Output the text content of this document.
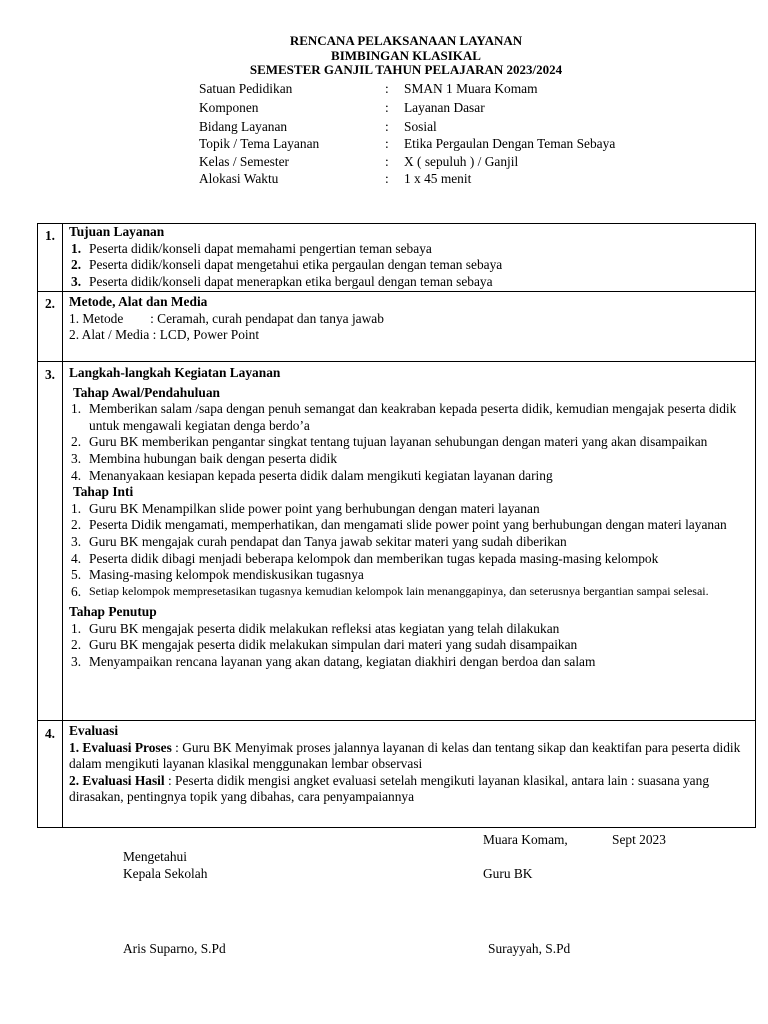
RENCANA PELAKSANAAN LAYANAN
BIMBINGAN KLASIKAL
SEMESTER GANJIL TAHUN PELAJARAN 2023/2024
Satuan Pedidikan	: SMAN 1 Muara Komam
Komponen	: Layanan Dasar
Bidang Layanan	: Sosial
Topik / Tema Layanan	: Etika Pergaulan Dengan Teman Sebaya
Kelas / Semester	: X ( sepuluh ) / Ganjil
Alokasi Waktu	: 1 x 45 menit
1.	Tujuan Layanan
1. Peserta didik/konseli dapat memahami pengertian teman sebaya
2. Peserta didik/konseli dapat mengetahui etika pergaulan dengan teman sebaya
3. Peserta didik/konseli dapat menerapkan etika bergaul dengan teman sebaya
2.	Metode, Alat dan Media
1. Metode        : Ceramah, curah pendapat dan tanya jawab
2. Alat / Media : LCD, Power Point
3.	Langkah-langkah Kegiatan Layanan
Tahap Awal/Pendahuluan
1. Memberikan salam /sapa dengan penuh semangat dan keakraban kepada peserta didik, kemudian mengajak peserta didik untuk mengawali kegiatan denga berdo’a
2. Guru BK memberikan pengantar singkat tentang tujuan layanan sehubungan dengan materi yang akan disampaikan
3. Membina hubungan baik dengan peserta didik
4. Menanyakaan kesiapan kepada peserta didik dalam mengikuti kegiatan layanan daring
Tahap Inti
1. Guru BK Menampilkan slide power point yang berhubungan dengan materi layanan
2. Peserta Didik mengamati, memperhatikan, dan mengamati slide power point yang berhubungan dengan materi layanan
3. Guru BK mengajak curah pendapat dan Tanya jawab sekitar materi yang sudah diberikan
4. Peserta didik dibagi menjadi beberapa kelompok dan memberikan tugas kepada masing-masing kelompok
5. Masing-masing kelompok mendiskusikan tugasnya
6. Setiap kelompok mempresetasikan tugasnya kemudian kelompok lain menanggapinya, dan seterusnya bergantian sampai selesai.
Tahap Penutup
1. Guru BK mengajak peserta didik melakukan refleksi atas kegiatan yang telah dilakukan
2. Guru BK mengajak peserta didik melakukan simpulan dari materi yang sudah disampaikan
3. Menyampaikan rencana layanan yang akan datang, kegiatan diakhiri dengan berdoa dan salam
4.	Evaluasi
1. Evaluasi Proses : Guru BK Menyimak proses jalannya layanan di kelas dan tentang sikap dan keaktifan para peserta didik dalam mengikuti layanan klasikal menggunakan lembar observasi
2. Evaluasi Hasil : Peserta didik mengisi angket evaluasi setelah mengikuti layanan klasikal, antara lain : suasana yang dirasakan, pentingnya topik yang dibahas, cara penyampaiannya
Muara Komam,	Sept 2023
Mengetahui
Kepala Sekolah	Guru BK
Aris Suparno, S.Pd	Surayyah, S.Pd
